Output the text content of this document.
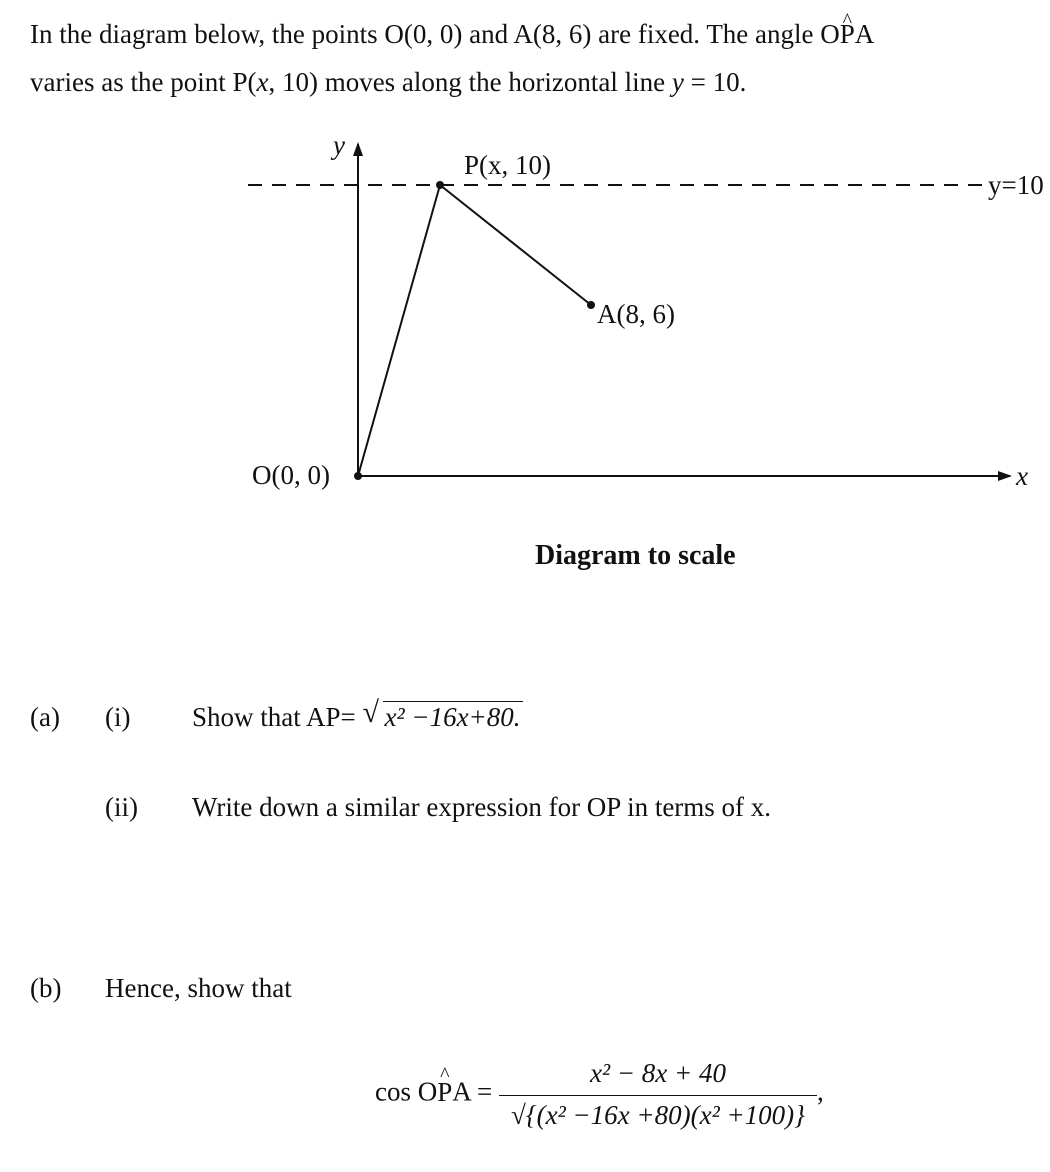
In the diagram below, the points O(0, 0) and A(8, 6) are fixed. The angle O^ PA
varies as the point P(x, 10) moves along the horizontal line y = 10.
y
x
P(x, 10)
A(8, 6)
O(0, 0)
y=10
Diagram to scale
(a) (i) Show that AP= √ x² −16x+80.
(ii) Write down a similar expression for OP in terms of x.
(b) Hence, show that
cos O^ PA = $\frac{\text{x² − 8x + 40}}{\text{√\{(x² −16x +80)(x² +100)\}}}$ ,
